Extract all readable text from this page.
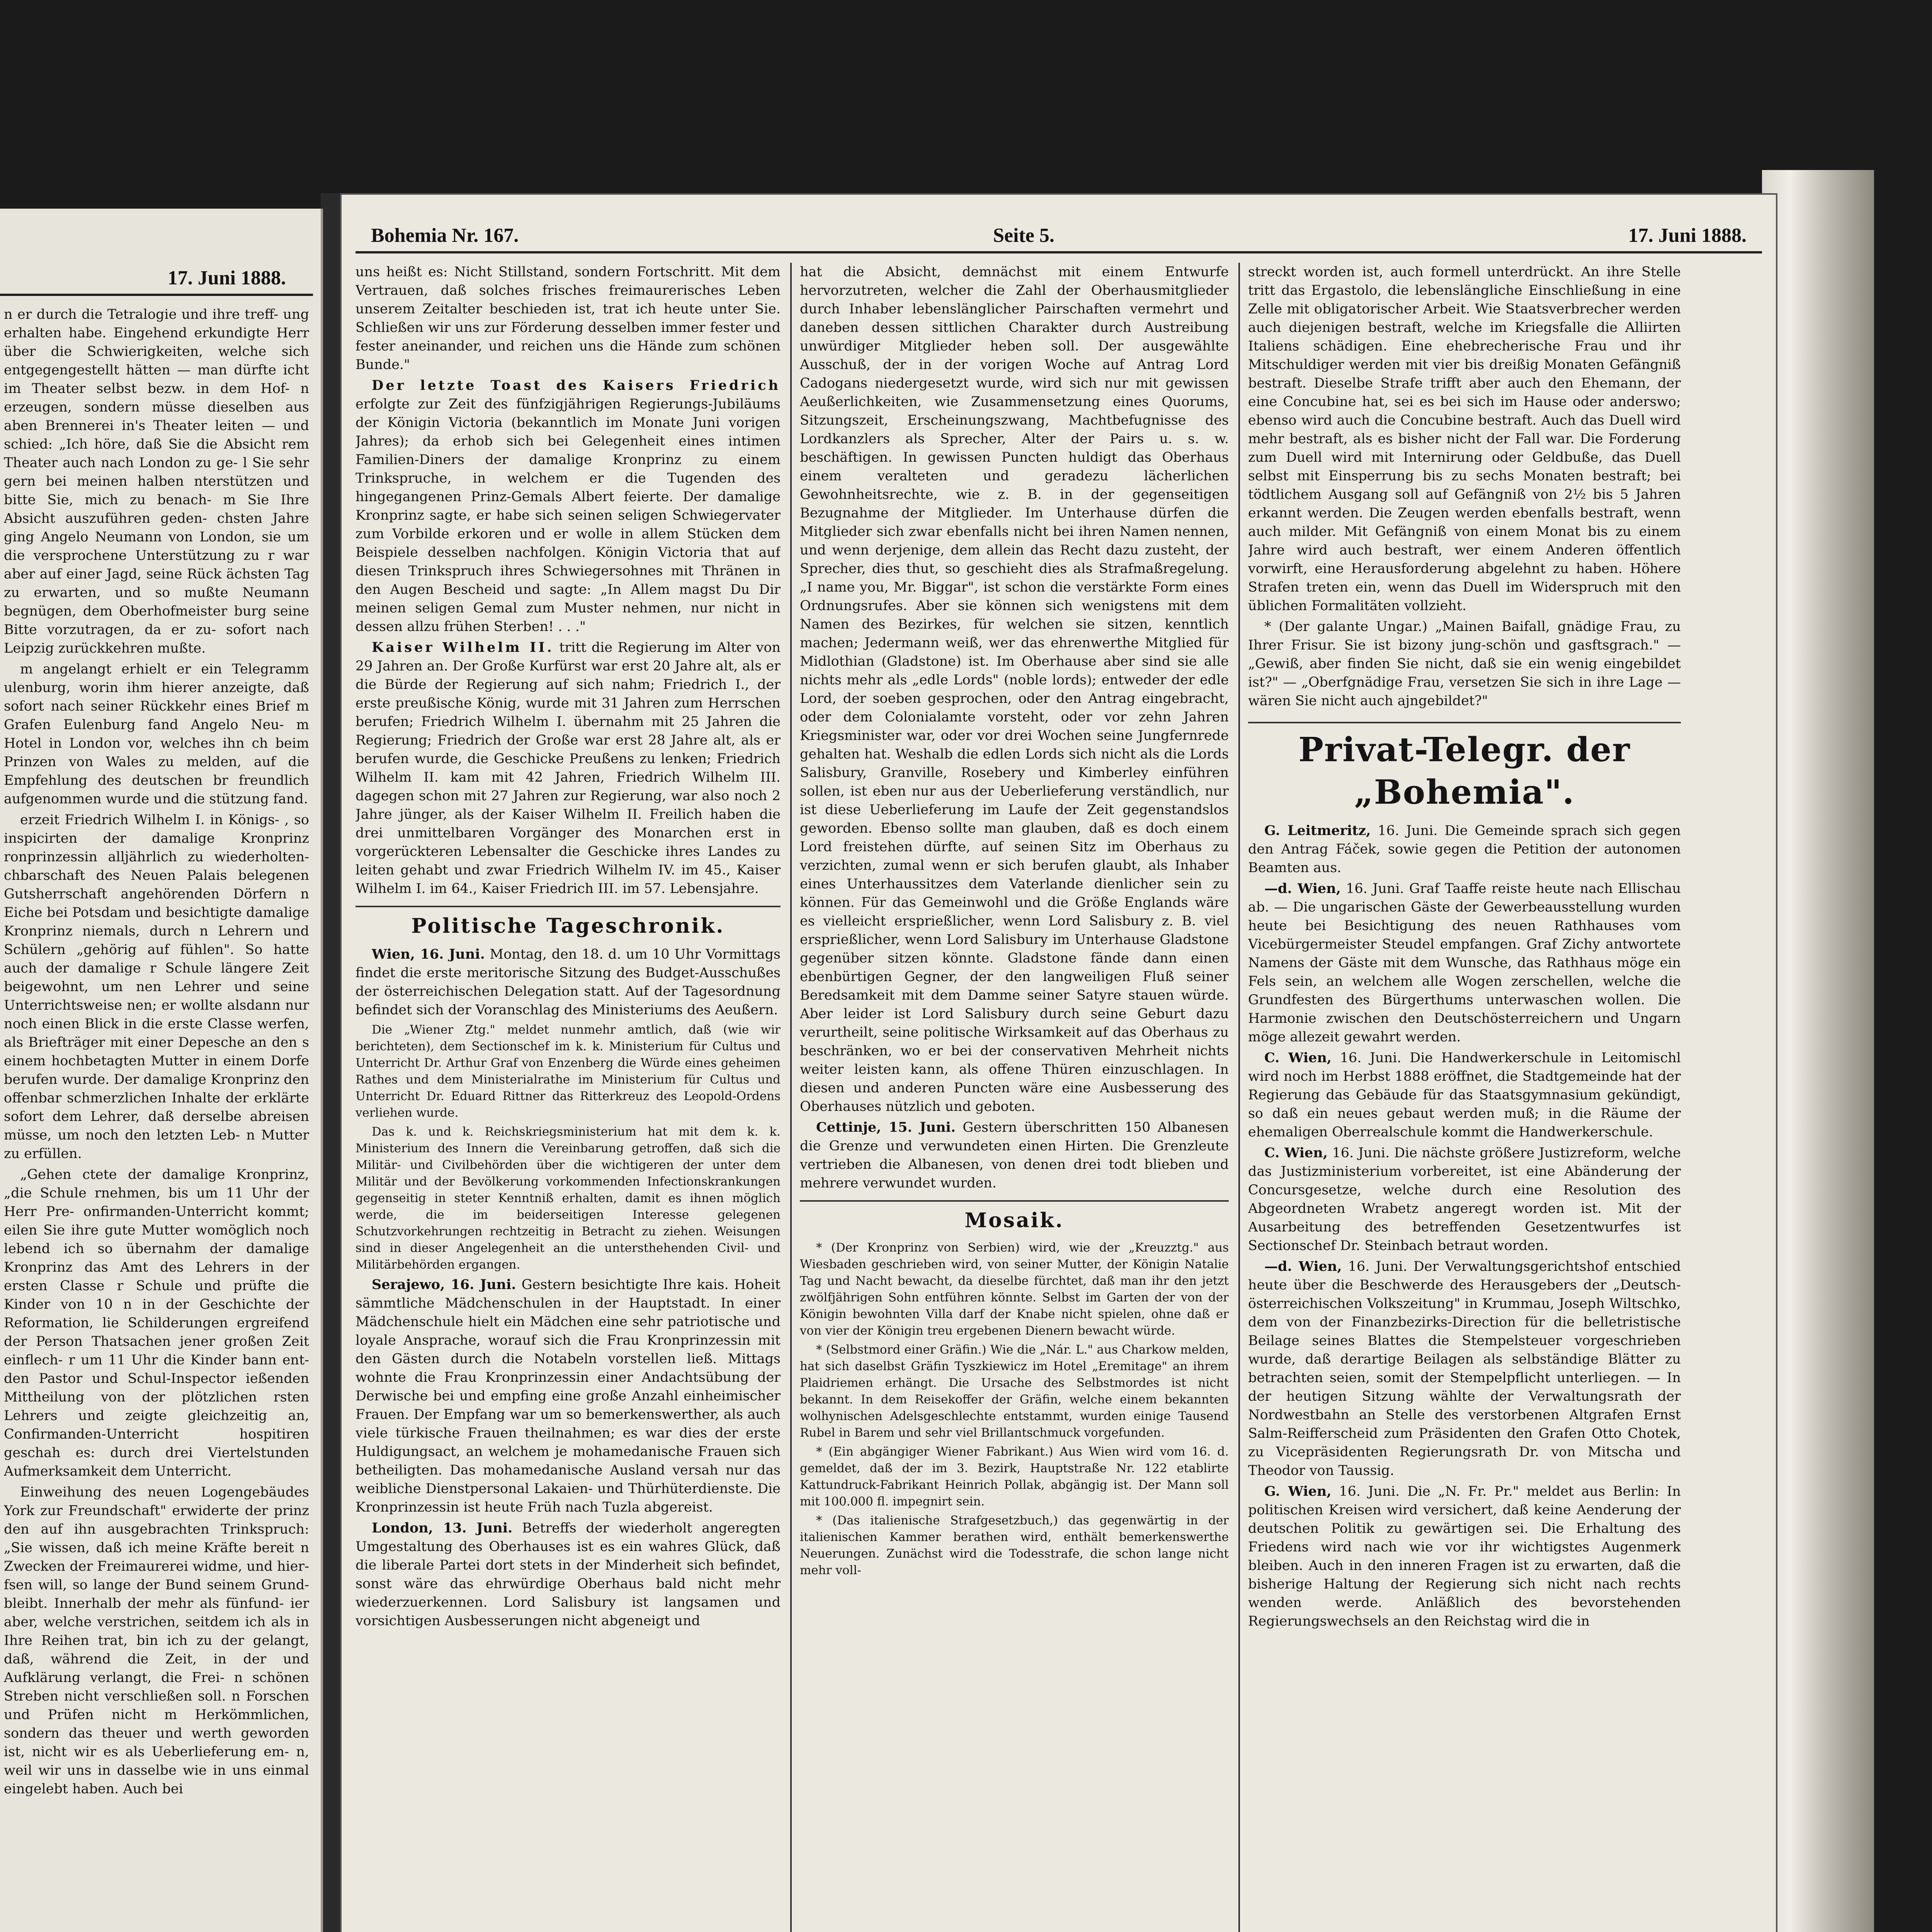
17. Juni 1888.

n er durch die Tetralogie und ihre treff- ung erhalten habe. Eingehend erkundigte Herr über die Schwierigkeiten, welche sich entgegengestellt hätten — man dürfte icht im Theater selbst bezw. in dem Hof- n erzeugen, sondern müsse dieselben aus aben Brennerei in's Theater leiten — und schied: „Ich höre, daß Sie die Absicht rem Theater auch nach London zu ge- l Sie sehr gern bei meinen halben nterstützen und bitte Sie, mich zu benach- m Sie Ihre Absicht auszuführen geden- chsten Jahre ging Angelo Neumann von London, sie um die versprochene Unterstützung zu r war aber auf einer Jagd, seine Rück ächsten Tag zu erwarten, und so mußte Neumann begnügen, dem Oberhofmeister burg seine Bitte vorzutragen, da er zu- sofort nach Leipzig zurückkehren mußte.

m angelangt erhielt er ein Telegramm ulenburg, worin ihm hierer anzeigte, daß sofort nach seiner Rückkehr eines Brief m Grafen Eulenburg fand Angelo Neu- m Hotel in London vor, welches ihn ch beim Prinzen von Wales zu melden, auf die Empfehlung des deutschen br freundlich aufgenommen wurde und die stützung fand.

erzeit Friedrich Wilhelm I. in Königs- , so inspicirten der damalige Kronprinz ronprinzessin alljährlich zu wiederholten- chbarschaft des Neuen Palais belegenen Gutsherrschaft angehörenden Dörfern n Eiche bei Potsdam und besichtigte damalige Kronprinz niemals, durch n Lehrern und Schülern „gehörig auf fühlen". So hatte auch der damalige r Schule längere Zeit beigewohnt, um nen Lehrer und seine Unterrichtsweise nen; er wollte alsdann nur noch einen Blick in die erste Classe werfen, als Briefträger mit einer Depesche an den s einem hochbetagten Mutter in einem Dorfe berufen wurde. Der damalige Kronprinz den offenbar schmerzlichen Inhalte der erklärte sofort dem Lehrer, daß derselbe abreisen müsse, um noch den letzten Leb- n Mutter zu erfüllen.

„Gehen ctete der damalige Kronprinz, „die Schule rnehmen, bis um 11 Uhr der Herr Pre- onfirmanden-Unterricht kommt; eilen Sie ihre gute Mutter womöglich noch lebend ich so übernahm der damalige Kronprinz das Amt des Lehrers in der ersten Classe r Schule und prüfte die Kinder von 10 n in der Geschichte der Reformation, lie Schilderungen ergreifend der Person Thatsachen jener großen Zeit einflech- r um 11 Uhr die Kinder bann ent- den Pastor und Schul-Inspector ießenden Mittheilung von der plötzlichen rsten Lehrers und zeigte gleichzeitig an, Confirmanden-Unterricht hospitiren geschah es: durch drei Viertelstunden Aufmerksamkeit dem Unterricht.

Einweihung des neuen Logengebäudes York zur Freundschaft" erwiderte der prinz den auf ihn ausgebrachten Trinkspruch: „Sie wissen, daß ich meine Kräfte bereit n Zwecken der Freimaurerei widme, und hier- fsen will, so lange der Bund seinem Grund- bleibt. Innerhalb der mehr als fünfund- ier aber, welche verstrichen, seitdem ich als in Ihre Reihen trat, bin ich zu der gelangt, daß, während die Zeit, in der und Aufklärung verlangt, die Frei- n schönen Streben nicht verschließen soll. n Forschen und Prüfen nicht m Herkömmlichen, sondern das theuer und werth geworden ist, nicht wir es als Ueberlieferung em- n, weil wir uns in dasselbe wie in uns einmal eingelebt haben. Auch bei

Bohemia Nr. 167.	Seite 5.	17. Juni 1888.

uns heißt es: Nicht Stillstand, sondern Fortschritt. Mit dem Vertrauen, daß solches frisches freimaurerisches Leben unserem Zeitalter beschieden ist, trat ich heute unter Sie. Schließen wir uns zur Förderung desselben immer fester und fester aneinander, und reichen uns die Hände zum schönen Bunde."

Der letzte Toast des Kaisers Friedrich erfolgte zur Zeit des fünfzigjährigen Regierungs-Jubiläums der Königin Victoria (bekanntlich im Monate Juni vorigen Jahres); da erhob sich bei Gelegenheit eines intimen Familien-Diners der damalige Kronprinz zu einem Trinkspruche, in welchem er die Tugenden des hingegangenen Prinz-Gemals Albert feierte. Der damalige Kronprinz sagte, er habe sich seinen seligen Schwiegervater zum Vorbilde erkoren und er wolle in allem Stücken dem Beispiele desselben nachfolgen. Königin Victoria that auf diesen Trinkspruch ihres Schwiegersohnes mit Thränen in den Augen Bescheid und sagte: „In Allem magst Du Dir meinen seligen Gemal zum Muster nehmen, nur nicht in dessen allzu frühen Sterben! . . ."

Kaiser Wilhelm II. tritt die Regierung im Alter von 29 Jahren an. Der Große Kurfürst war erst 20 Jahre alt, als er die Bürde der Regierung auf sich nahm; Friedrich I., der erste preußische König, wurde mit 31 Jahren zum Herrschen berufen; Friedrich Wilhelm I. übernahm mit 25 Jahren die Regierung; Friedrich der Große war erst 28 Jahre alt, als er berufen wurde, die Geschicke Preußens zu lenken; Friedrich Wilhelm II. kam mit 42 Jahren, Friedrich Wilhelm III. dagegen schon mit 27 Jahren zur Regierung, war also noch 2 Jahre jünger, als der Kaiser Wilhelm II. Freilich haben die drei unmittelbaren Vorgänger des Monarchen erst in vorgerückteren Lebensalter die Geschicke ihres Landes zu leiten gehabt und zwar Friedrich Wilhelm IV. im 45., Kaiser Wilhelm I. im 64., Kaiser Friedrich III. im 57. Lebensjahre.

Politische Tageschronik.

Wien, 16. Juni. Montag, den 18. d. um 10 Uhr Vormittags findet die erste meritorische Sitzung des Budget-Ausschußes der österreichischen Delegation statt. Auf der Tagesordnung befindet sich der Voranschlag des Ministeriums des Aeußern.

Die „Wiener Ztg." meldet nunmehr amtlich, daß (wie wir berichteten), dem Sectionschef im k. k. Ministerium für Cultus und Unterricht Dr. Arthur Graf von Enzenberg die Würde eines geheimen Rathes und dem Ministerialrathe im Ministerium für Cultus und Unterricht Dr. Eduard Rittner das Ritterkreuz des Leopold-Ordens verliehen wurde.

Das k. und k. Reichskriegsministerium hat mit dem k. k. Ministerium des Innern die Vereinbarung getroffen, daß sich die Militär- und Civilbehörden über die wichtigeren der unter dem Militär und der Bevölkerung vorkommenden Infectionskrankungen gegenseitig in steter Kenntniß erhalten, damit es ihnen möglich werde, die im beiderseitigen Interesse gelegenen Schutzvorkehrungen rechtzeitig in Betracht zu ziehen. Weisungen sind in dieser Angelegenheit an die untersthehenden Civil- und Militärbehörden ergangen.

Serajewo, 16. Juni. Gestern besichtigte Ihre kais. Hoheit sämmtliche Mädchenschulen in der Hauptstadt. In einer Mädchenschule hielt ein Mädchen eine sehr patriotische und loyale Ansprache, worauf sich die Frau Kronprinzessin mit den Gästen durch die Notabeln vorstellen ließ. Mittags wohnte die Frau Kronprinzessin einer Andachtsübung der Derwische bei und empfing eine große Anzahl einheimischer Frauen. Der Empfang war um so bemerkenswerther, als auch viele türkische Frauen theilnahmen; es war dies der erste Huldigungsact, an welchem je mohamedanische Frauen sich betheiligten. Das mohamedanische Ausland versah nur das weibliche Dienstpersonal Lakaien- und Thürhüterdienste. Die Kronprinzessin ist heute Früh nach Tuzla abgereist.

London, 13. Juni. Betreffs der wiederholt angeregten Umgestaltung des Oberhauses ist es ein wahres Glück, daß die liberale Partei dort stets in der Minderheit sich befindet, sonst wäre das ehrwürdige Oberhaus bald nicht mehr wiederzuerkennen. Lord Salisbury ist langsamen und vorsichtigen Ausbesserungen nicht abgeneigt und

hat die Absicht, demnächst mit einem Entwurfe hervorzutreten, welcher die Zahl der Oberhausmitglieder durch Inhaber lebenslänglicher Pairschaften vermehrt und daneben dessen sittlichen Charakter durch Austreibung unwürdiger Mitglieder heben soll. Der ausgewählte Ausschuß, der in der vorigen Woche auf Antrag Lord Cadogans niedergesetzt wurde, wird sich nur mit gewissen Aeußerlichkeiten, wie Zusammensetzung eines Quorums, Sitzungszeit, Erscheinungszwang, Machtbefugnisse des Lordkanzlers als Sprecher, Alter der Pairs u. s. w. beschäftigen. In gewissen Puncten huldigt das Oberhaus einem veralteten und geradezu lächerlichen Gewohnheitsrechte, wie z. B. in der gegenseitigen Bezugnahme der Mitglieder. Im Unterhause dürfen die Mitglieder sich zwar ebenfalls nicht bei ihren Namen nennen, und wenn derjenige, dem allein das Recht dazu zusteht, der Sprecher, dies thut, so geschieht dies als Strafmaßregelung. „I name you, Mr. Biggar", ist schon die verstärkte Form eines Ordnungsrufes. Aber sie können sich wenigstens mit dem Namen des Bezirkes, für welchen sie sitzen, kenntlich machen; Jedermann weiß, wer das ehrenwerthe Mitglied für Midlothian (Gladstone) ist. Im Oberhause aber sind sie alle nichts mehr als „edle Lords" (noble lords); entweder der edle Lord, der soeben gesprochen, oder den Antrag eingebracht, oder dem Colonialamte vorsteht, oder vor zehn Jahren Kriegsminister war, oder vor drei Wochen seine Jungfernrede gehalten hat. Weshalb die edlen Lords sich nicht als die Lords Salisbury, Granville, Rosebery und Kimberley einführen sollen, ist eben nur aus der Ueberlieferung verständlich, nur ist diese Ueberlieferung im Laufe der Zeit gegenstandslos geworden. Ebenso sollte man glauben, daß es doch einem Lord freistehen dürfte, auf seinen Sitz im Oberhaus zu verzichten, zumal wenn er sich berufen glaubt, als Inhaber eines Unterhaussitzes dem Vaterlande dienlicher sein zu können. Für das Gemeinwohl und die Größe Englands wäre es vielleicht ersprießlicher, wenn Lord Salisbury z. B. viel ersprießlicher, wenn Lord Salisbury im Unterhause Gladstone gegenüber sitzen könnte. Gladstone fände dann einen ebenbürtigen Gegner, der den langweiligen Fluß seiner Beredsamkeit mit dem Damme seiner Satyre stauen würde. Aber leider ist Lord Salisbury durch seine Geburt dazu verurtheilt, seine politische Wirksamkeit auf das Oberhaus zu beschränken, wo er bei der conservativen Mehrheit nichts weiter leisten kann, als offene Thüren einzuschlagen. In diesen und anderen Puncten wäre eine Ausbesserung des Oberhauses nützlich und geboten.

Cettinje, 15. Juni. Gestern überschritten 150 Albanesen die Grenze und verwundeten einen Hirten. Die Grenzleute vertrieben die Albanesen, von denen drei todt blieben und mehrere verwundet wurden.

Mosaik.

* (Der Kronprinz von Serbien) wird, wie der „Kreuzztg." aus Wiesbaden geschrieben wird, von seiner Mutter, der Königin Natalie Tag und Nacht bewacht, da dieselbe fürchtet, daß man ihr den jetzt zwölfjährigen Sohn entführen könnte. Selbst im Garten der von der Königin bewohnten Villa darf der Knabe nicht spielen, ohne daß er von vier der Königin treu ergebenen Dienern bewacht würde.

* (Selbstmord einer Gräfin.) Wie die „Nár. L." aus Charkow melden, hat sich daselbst Gräfin Tyszkiewicz im Hotel „Eremitage" an ihrem Plaidriemen erhängt. Die Ursache des Selbstmordes ist nicht bekannt. In dem Reisekoffer der Gräfin, welche einem bekannten wolhynischen Adelsgeschlechte entstammt, wurden einige Tausend Rubel in Barem und sehr viel Brillantschmuck vorgefunden.

* (Ein abgängiger Wiener Fabrikant.) Aus Wien wird vom 16. d. gemeldet, daß der im 3. Bezirk, Hauptstraße Nr. 122 etablirte Kattundruck-Fabrikant Heinrich Pollak, abgängig ist. Der Mann soll mit 100.000 fl. impegnirt sein.

* (Das italienische Strafgesetzbuch,) das gegenwärtig in der italienischen Kammer berathen wird, enthält bemerkenswerthe Neuerungen. Zunächst wird die Todesstrafe, die schon lange nicht mehr voll-

streckt worden ist, auch formell unterdrückt. An ihre Stelle tritt das Ergastolo, die lebenslängliche Einschließung in eine Zelle mit obligatorischer Arbeit. Wie Staatsverbrecher werden auch diejenigen bestraft, welche im Kriegsfalle die Alliirten Italiens schädigen. Eine ehebrecherische Frau und ihr Mitschuldiger werden mit vier bis dreißig Monaten Gefängniß bestraft. Dieselbe Strafe trifft aber auch den Ehemann, der eine Concubine hat, sei es bei sich im Hause oder anderswo; ebenso wird auch die Concubine bestraft. Auch das Duell wird mehr bestraft, als es bisher nicht der Fall war. Die Forderung zum Duell wird mit Internirung oder Geldbuße, das Duell selbst mit Einsperrung bis zu sechs Monaten bestraft; bei tödtlichem Ausgang soll auf Gefängniß von 2½ bis 5 Jahren erkannt werden. Die Zeugen werden ebenfalls bestraft, wenn auch milder. Mit Gefängniß von einem Monat bis zu einem Jahre wird auch bestraft, wer einem Anderen öffentlich vorwirft, eine Herausforderung abgelehnt zu haben. Höhere Strafen treten ein, wenn das Duell im Widerspruch mit den üblichen Formalitäten vollzieht.

* (Der galante Ungar.) „Mainen Baifall, gnädige Frau, zu Ihrer Frisur. Sie ist bizony jung-schön und gasftsgrach." — „Gewiß, aber finden Sie nicht, daß sie ein wenig eingebildet ist?" — „Oberfgnädige Frau, versetzen Sie sich in ihre Lage — wären Sie nicht auch ajngebildet?"

Privat-Telegr. der „Bohemia".

G. Leitmeritz, 16. Juni. Die Gemeinde sprach sich gegen den Antrag Fáček, sowie gegen die Petition der autonomen Beamten aus.

—d. Wien, 16. Juni. Graf Taaffe reiste heute nach Ellischau ab. — Die ungarischen Gäste der Gewerbeausstellung wurden heute bei Besichtigung des neuen Rathhauses vom Vicebürgermeister Steudel empfangen. Graf Zichy antwortete Namens der Gäste mit dem Wunsche, das Rathhaus möge ein Fels sein, an welchem alle Wogen zerschellen, welche die Grundfesten des Bürgerthums unterwaschen wollen. Die Harmonie zwischen den Deutschösterreichern und Ungarn möge allezeit gewahrt werden.

C. Wien, 16. Juni. Die Handwerkerschule in Leitomischl wird noch im Herbst 1888 eröffnet, die Stadtgemeinde hat der Regierung das Gebäude für das Staatsgymnasium gekündigt, so daß ein neues gebaut werden muß; in die Räume der ehemaligen Oberrealschule kommt die Handwerkerschule.

C. Wien, 16. Juni. Die nächste größere Justizreform, welche das Justizministerium vorbereitet, ist eine Abänderung der Concursgesetze, welche durch eine Resolution des Abgeordneten Wrabetz angeregt worden ist. Mit der Ausarbeitung des betreffenden Gesetzentwurfes ist Sectionschef Dr. Steinbach betraut worden.

—d. Wien, 16. Juni. Der Verwaltungsgerichtshof entschied heute über die Beschwerde des Herausgebers der „Deutsch-österreichischen Volkszeitung" in Krummau, Joseph Wiltschko, dem von der Finanzbezirks-Direction für die belletristische Beilage seines Blattes die Stempelsteuer vorgeschrieben wurde, daß derartige Beilagen als selbständige Blätter zu betrachten seien, somit der Stempelpflicht unterliegen. — In der heutigen Sitzung wählte der Verwaltungsrath der Nordwestbahn an Stelle des verstorbenen Altgrafen Ernst Salm-Reifferscheid zum Präsidenten den Grafen Otto Chotek, zu Vicepräsidenten Regierungsrath Dr. von Mitscha und Theodor von Taussig.

G. Wien, 16. Juni. Die „N. Fr. Pr." meldet aus Berlin: In politischen Kreisen wird versichert, daß keine Aenderung der deutschen Politik zu gewärtigen sei. Die Erhaltung des Friedens wird nach wie vor ihr wichtigstes Augenmerk bleiben. Auch in den inneren Fragen ist zu erwarten, daß die bisherige Haltung der Regierung sich nicht nach rechts wenden werde. Anläßlich des bevorstehenden Regierungswechsels an den Reichstag wird die in
